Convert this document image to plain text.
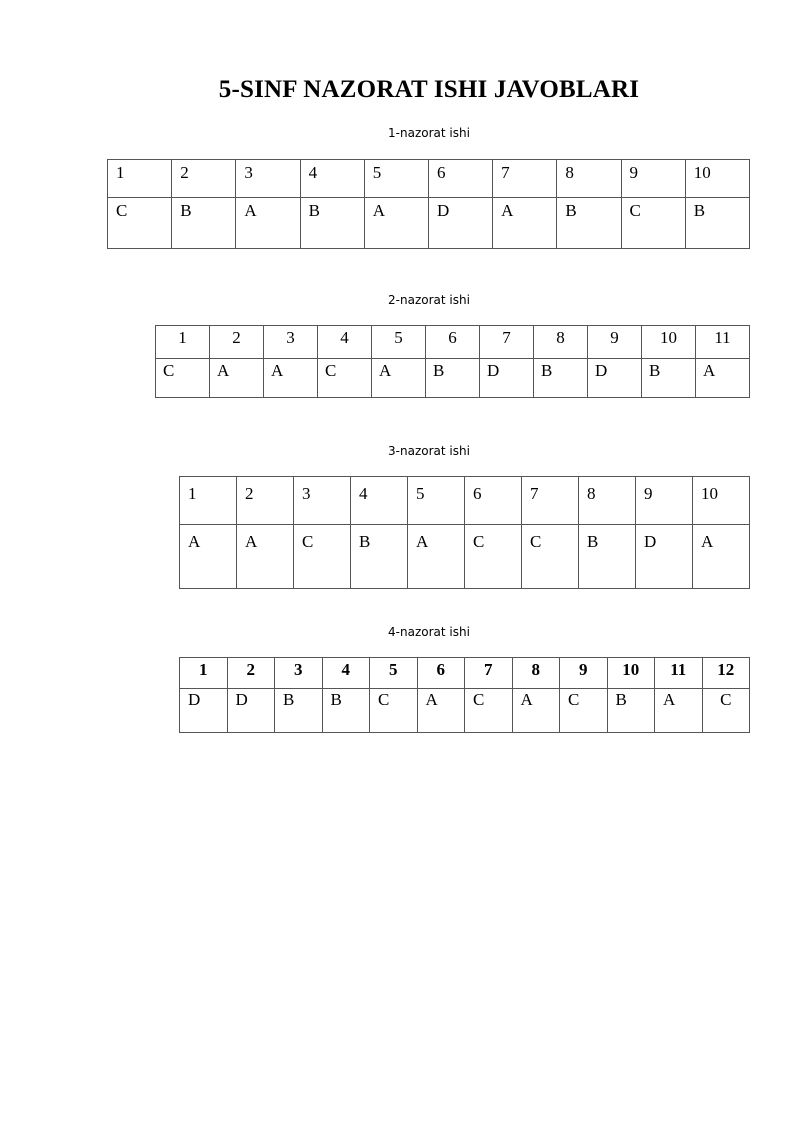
5-SINF NAZORAT ISHI JAVOBLARI
1-nazorat ishi
1	2	3	4	5	6	7	8	9	10
C	B	A	B	A	D	A	B	C	B
2-nazorat ishi
1	2	3	4	5	6	7	8	9	10	11
C	A	A	C	A	B	D	B	D	B	A
3-nazorat ishi
1	2	3	4	5	6	7	8	9	10
A	A	C	B	A	C	C	B	D	A
4-nazorat ishi
1	2	3	4	5	6	7	8	9	10	11	12
D	D	B	B	C	A	C	A	C	B	A	C
